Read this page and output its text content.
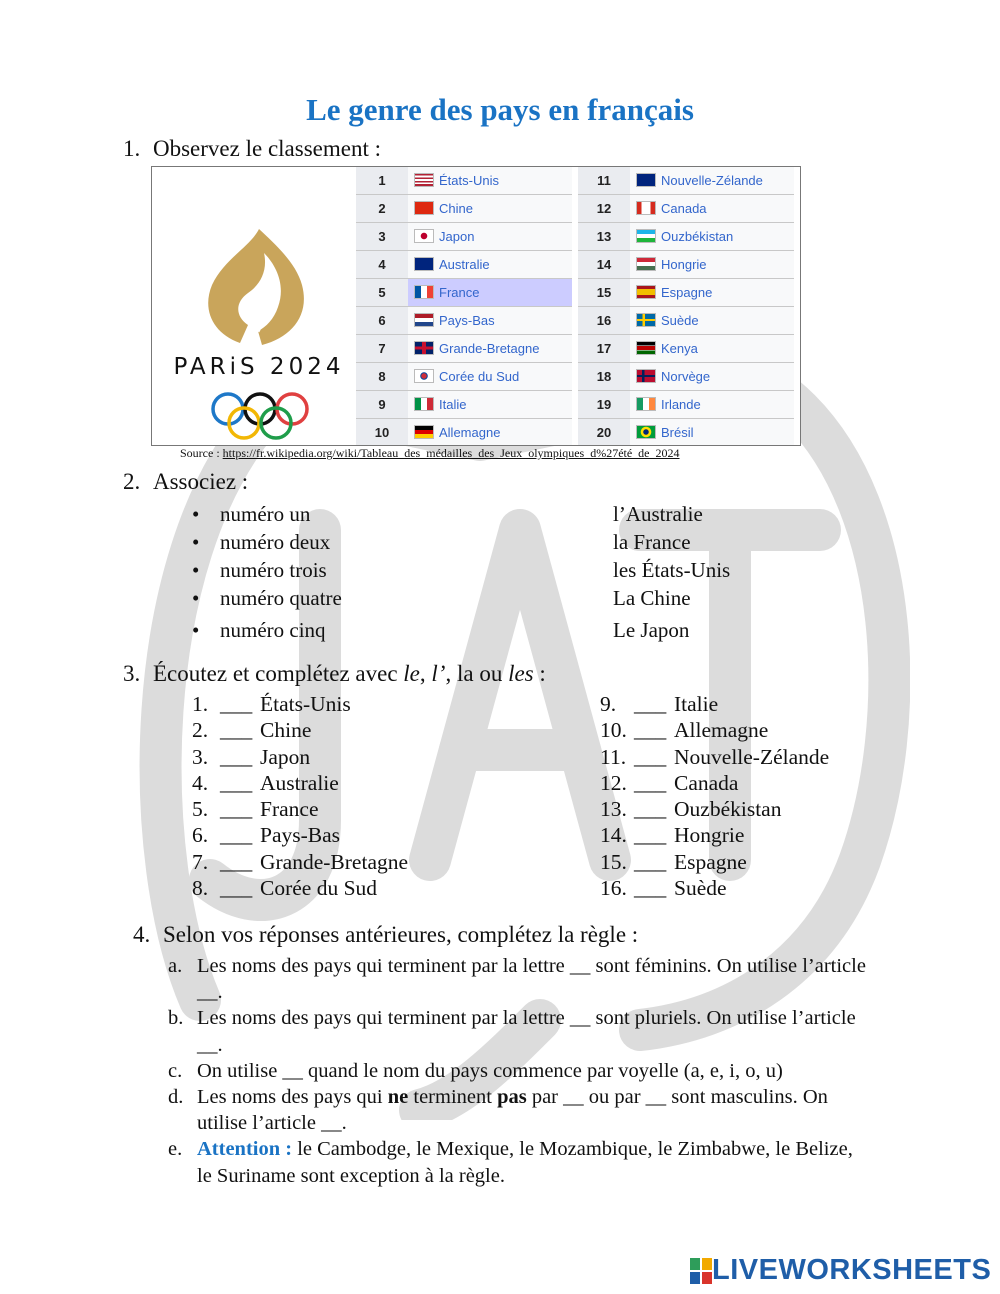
Le genre des pays en français
1. Observez le classement :
PARiS 2024
1	États-Unis
2	Chine
3	Japon
4	Australie
5	France
6	Pays-Bas
7	Grande-Bretagne
8	Corée du Sud
9	Italie
10	Allemagne
11	Nouvelle-Zélande
12	Canada
13	Ouzbékistan
14	Hongrie
15	Espagne
16	Suède
17	Kenya
18	Norvège
19	Irlande
20	Brésil
Source : https://fr.wikipedia.org/wiki/Tableau_des_médailles_des_Jeux_olympiques_d%27été_de_2024
2. Associez :
• numéro un
• numéro deux
• numéro trois
• numéro quatre
• numéro cinq
l’Australie
la France
les États-Unis
La Chine
Le Japon
3. Écoutez et complétez avec le, l’, la ou les :
1. ___ États-Unis
2. ___ Chine
3. ___ Japon
4. ___ Australie
5. ___ France
6. ___ Pays-Bas
7. ___ Grande-Bretagne
8. ___ Corée du Sud
9. ___ Italie
10. ___ Allemagne
11. ___ Nouvelle-Zélande
12. ___ Canada
13. ___ Ouzbékistan
14. ___ Hongrie
15. ___ Espagne
16. ___ Suède
4. Selon vos réponses antérieures, complétez la règle :
a. Les noms des pays qui terminent par la lettre __ sont féminins. On utilise l’article __.
b. Les noms des pays qui terminent par la lettre __ sont pluriels. On utilise l’article __.
c. On utilise __ quand le nom du pays commence par voyelle (a, e, i, o, u)
d. Les noms des pays qui ne terminent pas par __ ou par __ sont masculins. On utilise l’article __.
e. Attention : le Cambodge, le Mexique, le Mozambique, le Zimbabwe, le Belize, le Suriname sont exception à la règle.
LIVEWORKSHEETS
